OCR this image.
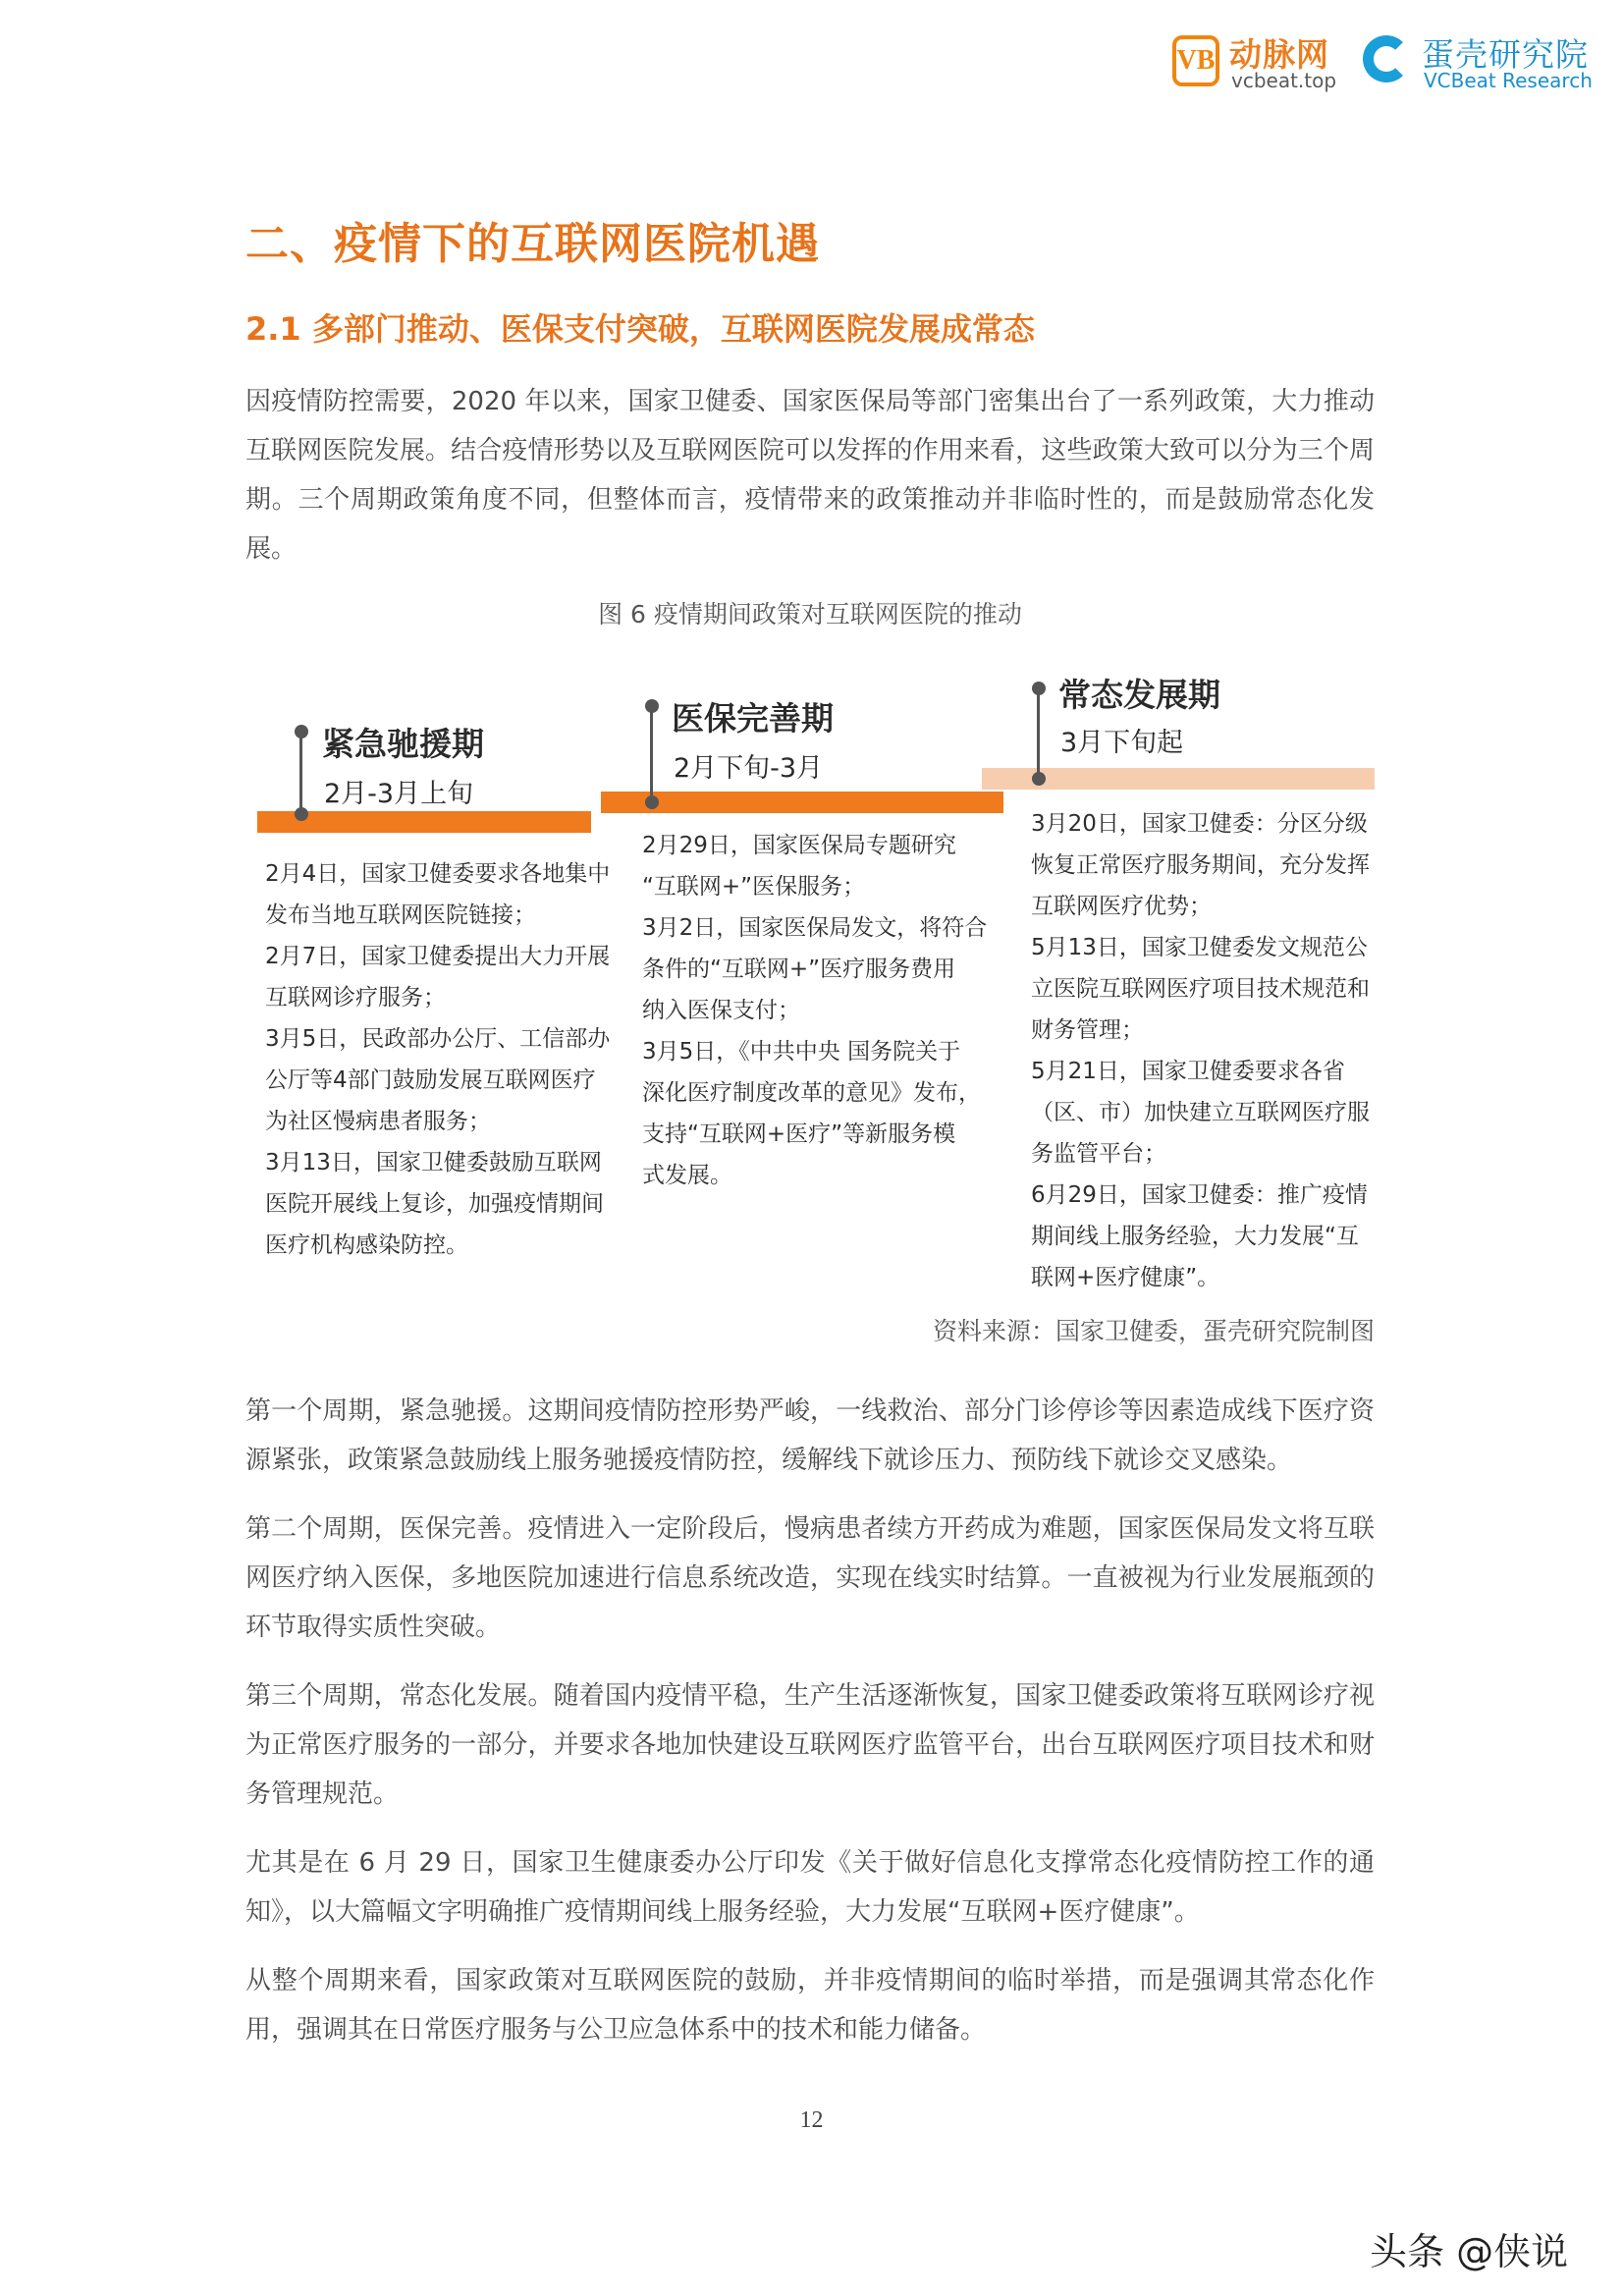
VB 动脉网
vcbeat.top
蛋壳研究院
VCBeat Research
二、疫情下的互联网医院机遇
2.1 多部门推动、医保支付突破，互联网医院发展成常态

因疫情防控需要，2020 年以来，国家卫健委、国家医保局等部门密集出台了一系列政策，大力推动互联网医院发展。结合疫情形势以及互联网医院可以发挥的作用来看，这些政策大致可以分为三个周期。三个周期政策角度不同，但整体而言，疫情带来的政策推动并非临时性的，而是鼓励常态化发展。

图 6 疫情期间政策对互联网医院的推动
紧急驰援期
2月-3月上旬
2月4日，国家卫健委要求各地集中
发布当地互联网医院链接；
2月7日，国家卫健委提出大力开展
互联网诊疗服务；
3月5日，民政部办公厅、工信部办
公厅等4部门鼓励发展互联网医疗
为社区慢病患者服务；
3月13日，国家卫健委鼓励互联网
医院开展线上复诊，加强疫情期间
医疗机构感染防控。
医保完善期
2月下旬-3月
2月29日，国家医保局专题研究
“互联网+”医保服务；
3月2日，国家医保局发文，将符合
条件的“互联网+”医疗服务费用
纳入医保支付；
3月5日，《中共中央 国务院关于
深化医疗制度改革的意见》发布，
支持“互联网+医疗”等新服务模
式发展。
常态发展期
3月下旬起
3月20日，国家卫健委：分区分级
恢复正常医疗服务期间，充分发挥
互联网医疗优势；
5月13日，国家卫健委发文规范公
立医院互联网医疗项目技术规范和
财务管理；
5月21日，国家卫健委要求各省
（区、市）加快建立互联网医疗服
务监管平台；
6月29日，国家卫健委：推广疫情
期间线上服务经验，大力发展“互
联网+医疗健康”。
资料来源：国家卫健委，蛋壳研究院制图

第一个周期，紧急驰援。这期间疫情防控形势严峻，一线救治、部分门诊停诊等因素造成线下医疗资源紧张，政策紧急鼓励线上服务驰援疫情防控，缓解线下就诊压力、预防线下就诊交叉感染。

第二个周期，医保完善。疫情进入一定阶段后，慢病患者续方开药成为难题，国家医保局发文将互联网医疗纳入医保，多地医院加速进行信息系统改造，实现在线实时结算。一直被视为行业发展瓶颈的环节取得实质性突破。

第三个周期，常态化发展。随着国内疫情平稳，生产生活逐渐恢复，国家卫健委政策将互联网诊疗视为正常医疗服务的一部分，并要求各地加快建设互联网医疗监管平台，出台互联网医疗项目技术和财务管理规范。

尤其是在 6 月 29 日，国家卫生健康委办公厅印发《关于做好信息化支撑常态化疫情防控工作的通知》，以大篇幅文字明确推广疫情期间线上服务经验，大力发展“互联网+医疗健康”。

从整个周期来看，国家政策对互联网医院的鼓励，并非疫情期间的临时举措，而是强调其常态化作用，强调其在日常医疗服务与公卫应急体系中的技术和能力储备。

12
头条 @侠说
